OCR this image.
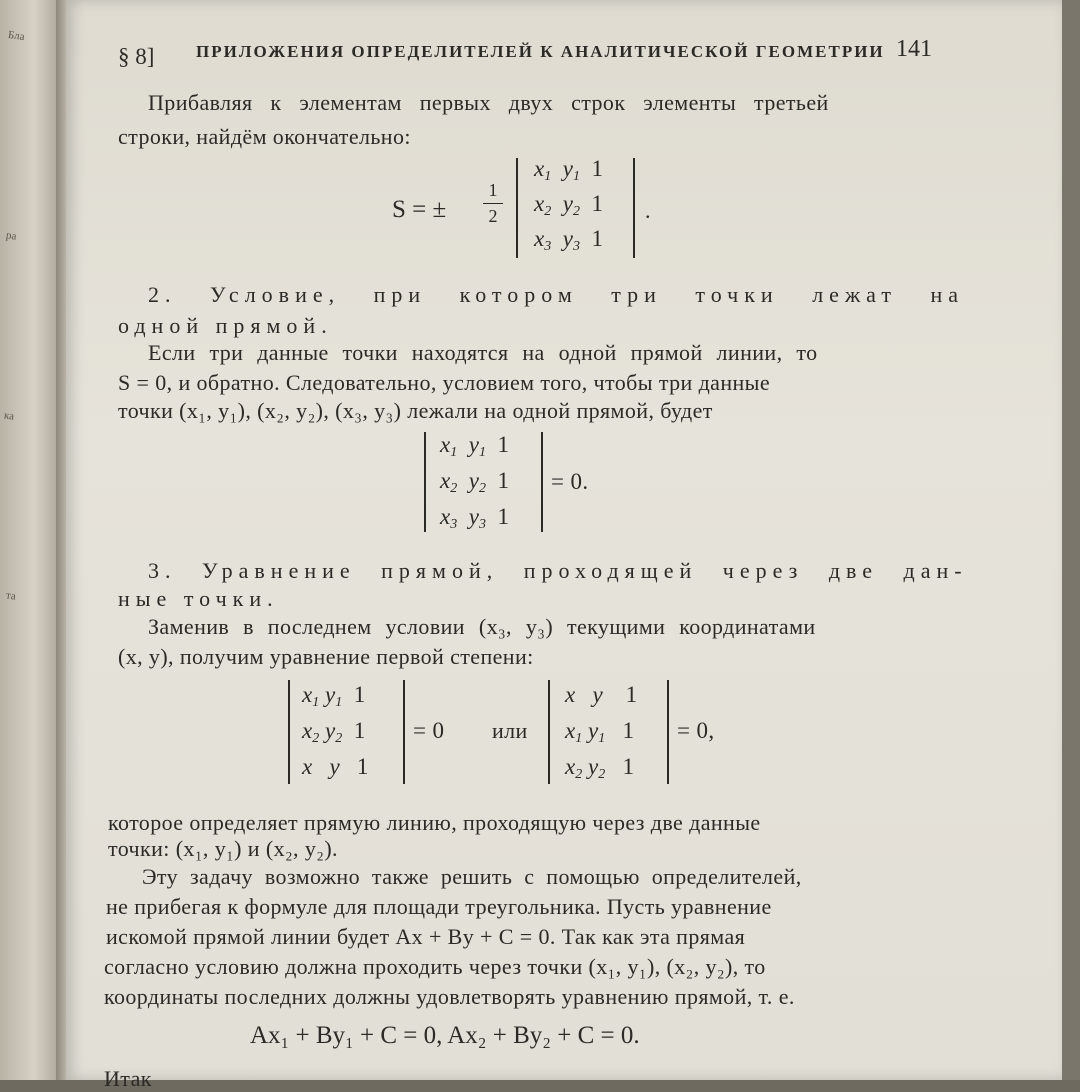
§ 8] ПРИЛОЖЕНИЯ ОПРЕДЕЛИТЕЛЕЙ К АНАЛИТИЧЕСКОЙ ГЕОМЕТРИИ 141
Прибавляя к элементам первых двух строк элементы третьей
строки, найдём окончательно:
S = ±
1
2
$x_1$  $y_1$ 1
$x_2$  $y_2$ 1
$x_3$  $y_3$ 1
.
2. Условие, при котором три точки лежат на
одной прямой.
Если три данные точки находятся на одной прямой линии, то
S = 0, и обратно. Следовательно, условием того, чтобы три данные
точки (x₁, y₁), (x₂, y₂), (x₃, y₃) лежали на одной прямой, будет
$x_1$  $y_1$ 1
$x_2$  $y_2$ 1
$x_3$  $y_3$ 1
= 0.
3. Уравнение прямой, проходящей через две дан-
ные точки.
Заменив в последнем условии (x₃, y₃) текущими координатами
(x, y), получим уравнение первой степени:
$x_1$ $y_1$ 1
$x_2$ $y_2$ 1
x   y   1
= 0 или
x   y    1
$x_1$ $y_1$ 1
$x_2$ $y_2$ 1
= 0,
которое определяет прямую линию, проходящую через две данные
точки: (x₁, y₁) и (x₂, y₂).
Эту задачу возможно также решить с помощью определителей,
не прибегая к формуле для площади треугольника. Пусть уравнение
искомой прямой линии будет Ax + By + C = 0. Так как эта прямая
согласно условию должна проходить через точки (x₁, y₁), (x₂, y₂), то
координаты последних должны удовлетворять уравнению прямой, т. е.
Ax₁ + By₁ + C = 0, Ax₂ + By₂ + C = 0.
Итак
Бла
ра
ка
та
